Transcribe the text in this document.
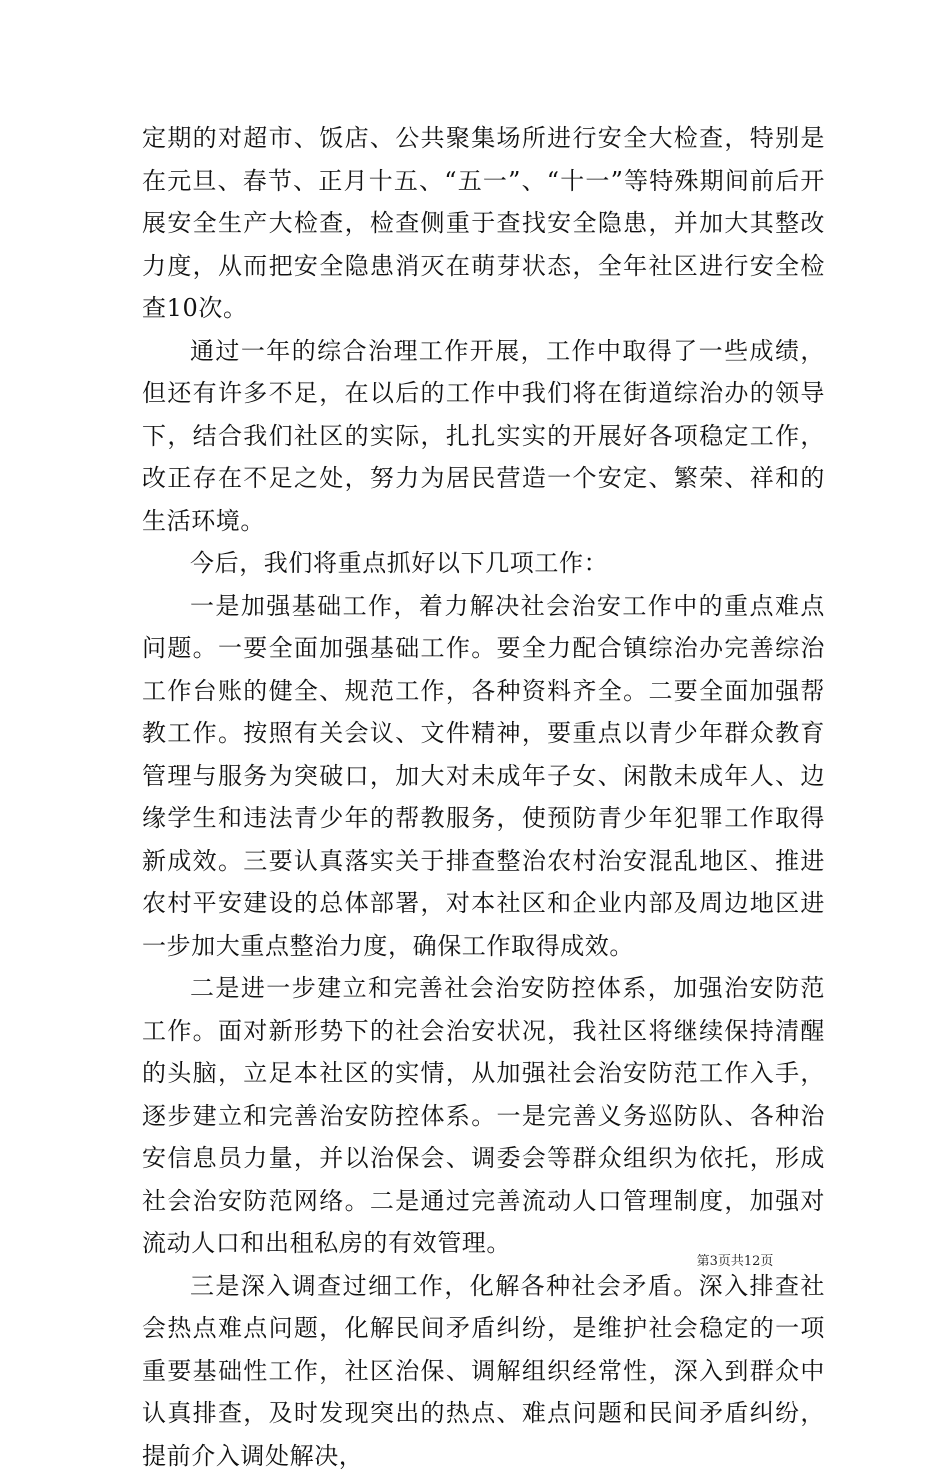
定期的对超市、饭店、公共聚集场所进行安全大检查，特别是在元旦、春节、正月十五、“五一”、“十一”等特殊期间前后开展安全生产大检查，检查侧重于查找安全隐患，并加大其整改力度，从而把安全隐患消灭在萌芽状态，全年社区进行安全检查10次。

通过一年的综合治理工作开展，工作中取得了一些成绩，但还有许多不足，在以后的工作中我们将在街道综治办的领导下，结合我们社区的实际，扎扎实实的开展好各项稳定工作，改正存在不足之处，努力为居民营造一个安定、繁荣、祥和的生活环境。

今后，我们将重点抓好以下几项工作：

一是加强基础工作，着力解决社会治安工作中的重点难点问题。一要全面加强基础工作。要全力配合镇综治办完善综治工作台账的健全、规范工作，各种资料齐全。二要全面加强帮教工作。按照有关会议、文件精神，要重点以青少年群众教育管理与服务为突破口，加大对未成年子女、闲散未成年人、边缘学生和违法青少年的帮教服务，使预防青少年犯罪工作取得新成效。三要认真落实关于排查整治农村治安混乱地区、推进农村平安建设的总体部署，对本社区和企业内部及周边地区进一步加大重点整治力度，确保工作取得成效。

二是进一步建立和完善社会治安防控体系，加强治安防范工作。面对新形势下的社会治安状况，我社区将继续保持清醒的头脑，立足本社区的实情，从加强社会治安防范工作入手，逐步建立和完善治安防控体系。一是完善义务巡防队、各种治安信息员力量，并以治保会、调委会等群众组织为依托，形成社会治安防范网络。二是通过完善流动人口管理制度，加强对流动人口和出租私房的有效管理。

三是深入调查过细工作，化解各种社会矛盾。深入排查社会热点难点问题，化解民间矛盾纠纷，是维护社会稳定的一项重要基础性工作，社区治保、调解组织经常性，深入到群众中认真排查，及时发现突出的热点、难点问题和民间矛盾纠纷，提前介入调处解决，

第3页共12页
